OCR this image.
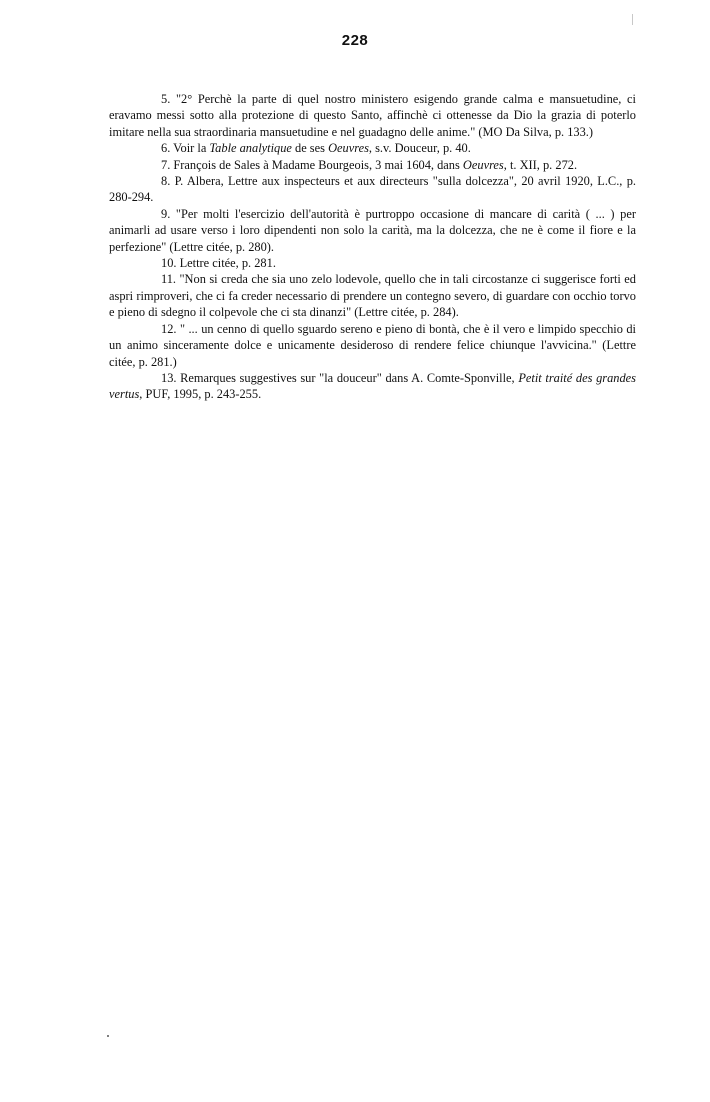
228

5. "2° Perchè la parte di quel nostro ministero esigendo grande calma e mansuetudine, ci eravamo messi sotto alla protezione di questo Santo, affinchè ci ottenesse da Dio la grazia di poterlo imitare nella sua straordinaria mansuetudine e nel guadagno delle anime." (MO Da Silva, p. 133.)

6. Voir la Table analytique de ses Oeuvres, s.v. Douceur, p. 40.

7. François de Sales à Madame Bourgeois, 3 mai 1604, dans Oeuvres, t. XII, p. 272.

8. P. Albera, Lettre aux inspecteurs et aux directeurs "sulla dolcezza", 20 avril 1920, L.C., p. 280-294.

9. "Per molti l'esercizio dell'autorità è purtroppo occasione di mancare di carità ( ... ) per animarli ad usare verso i loro dipendenti non solo la carità, ma la dolcezza, che ne è come il fiore e la perfezione" (Lettre citée, p. 280).

10. Lettre citée, p. 281.

11. "Non si creda che sia uno zelo lodevole, quello che in tali circostanze ci suggerisce forti ed aspri rimproveri, che ci fa creder necessario di prendere un contegno severo, di guardare con occhio torvo e pieno di sdegno il colpevole che ci sta dinanzi" (Lettre citée, p. 284).

12. " ... un cenno di quello sguardo sereno e pieno di bontà, che è il vero e limpido specchio di un animo sinceramente dolce e unicamente desideroso di rendere felice chiunque l'avvicina." (Lettre citée, p. 281.)

13. Remarques suggestives sur "la douceur" dans A. Comte-Sponville, Petit traité des grandes vertus, PUF, 1995, p. 243-255.
